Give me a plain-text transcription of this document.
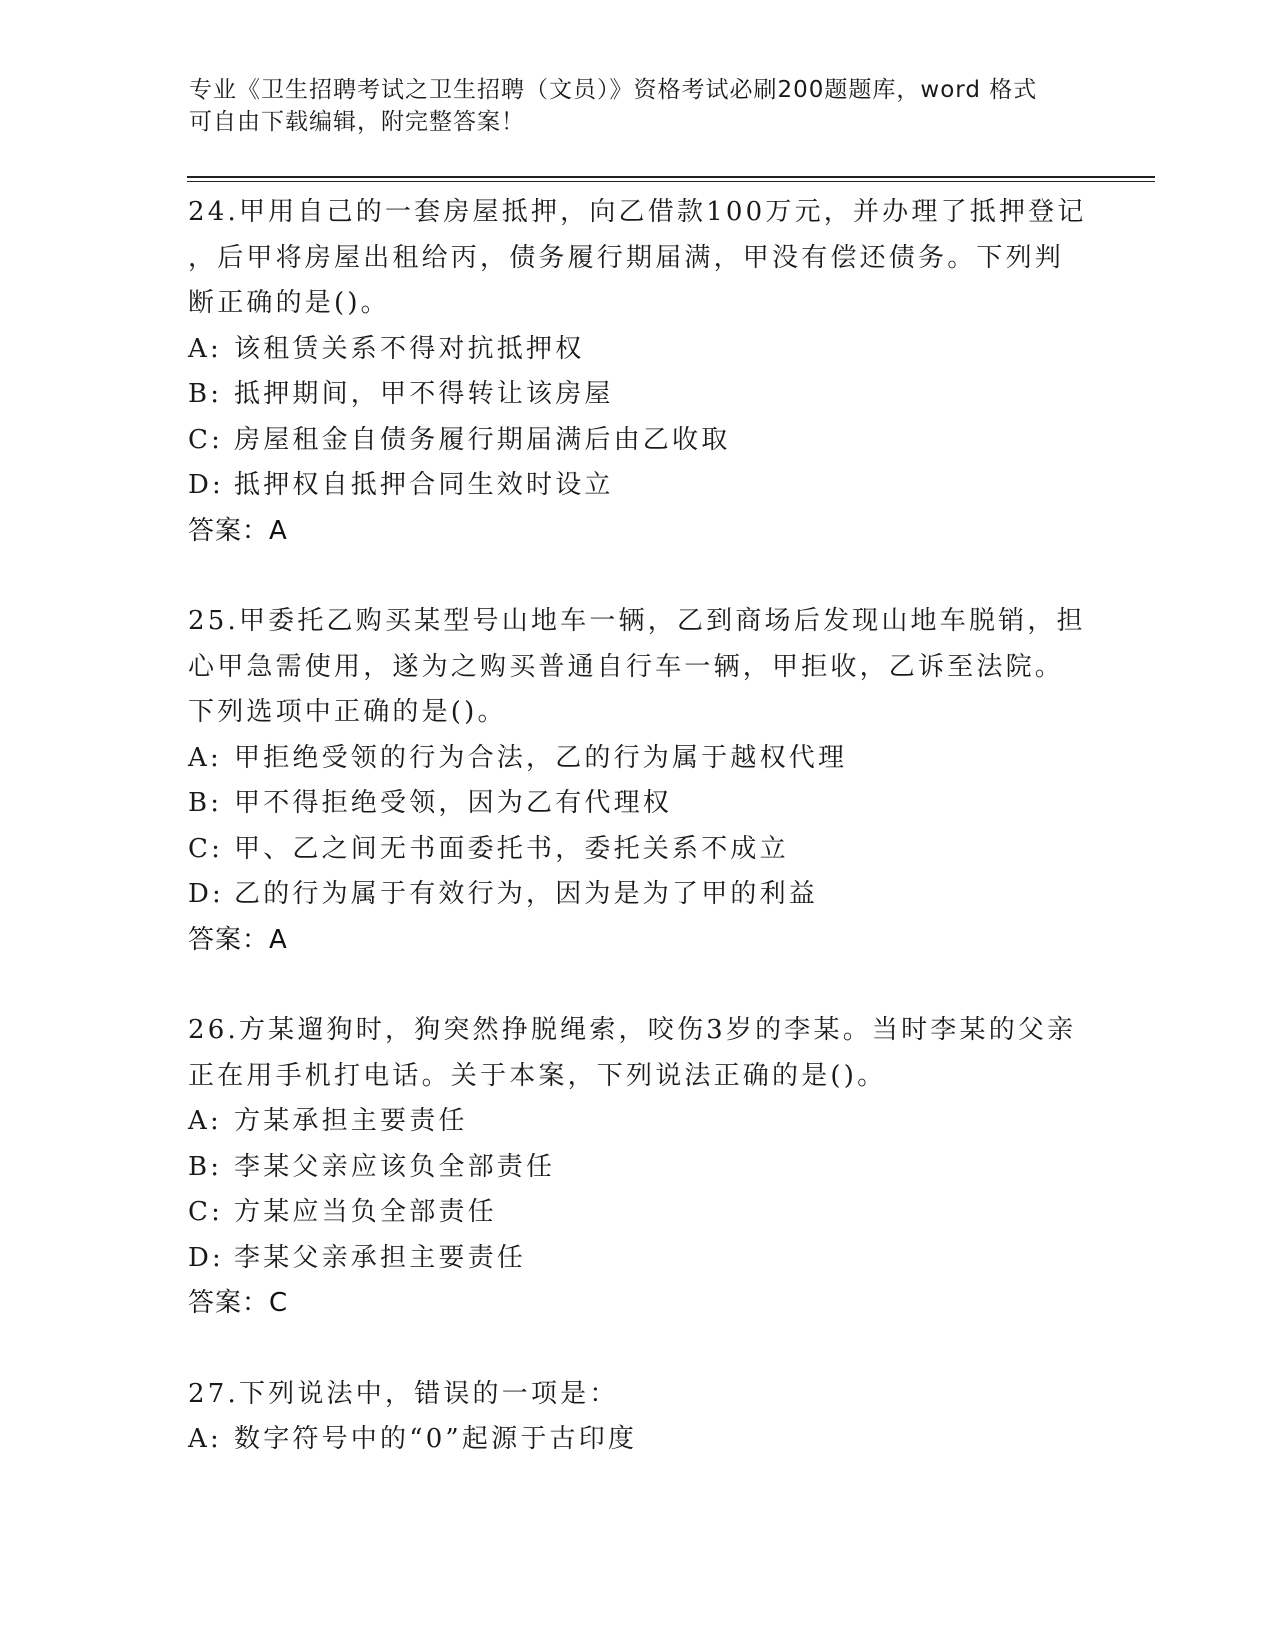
专业《卫生招聘考试之卫生招聘（文员）》资格考试必刷200题题库，word 格式
可自由下载编辑，附完整答案！
24.甲用自己的一套房屋抵押，向乙借款100万元，并办理了抵押登记
，后甲将房屋出租给丙，债务履行期届满，甲没有偿还债务。下列判
断正确的是()。
A: 该租赁关系不得对抗抵押权
B: 抵押期间，甲不得转让该房屋
C: 房屋租金自债务履行期届满后由乙收取
D: 抵押权自抵押合同生效时设立
答案：A
25.甲委托乙购买某型号山地车一辆，乙到商场后发现山地车脱销，担
心甲急需使用，遂为之购买普通自行车一辆，甲拒收，乙诉至法院。
下列选项中正确的是()。
A: 甲拒绝受领的行为合法，乙的行为属于越权代理
B: 甲不得拒绝受领，因为乙有代理权
C: 甲、乙之间无书面委托书，委托关系不成立
D: 乙的行为属于有效行为，因为是为了甲的利益
答案：A
26.方某遛狗时，狗突然挣脱绳索，咬伤3岁的李某。当时李某的父亲
正在用手机打电话。关于本案，下列说法正确的是()。
A: 方某承担主要责任
B: 李某父亲应该负全部责任
C: 方某应当负全部责任
D: 李某父亲承担主要责任
答案：C
27.下列说法中，错误的一项是：
A: 数字符号中的“0”起源于古印度
